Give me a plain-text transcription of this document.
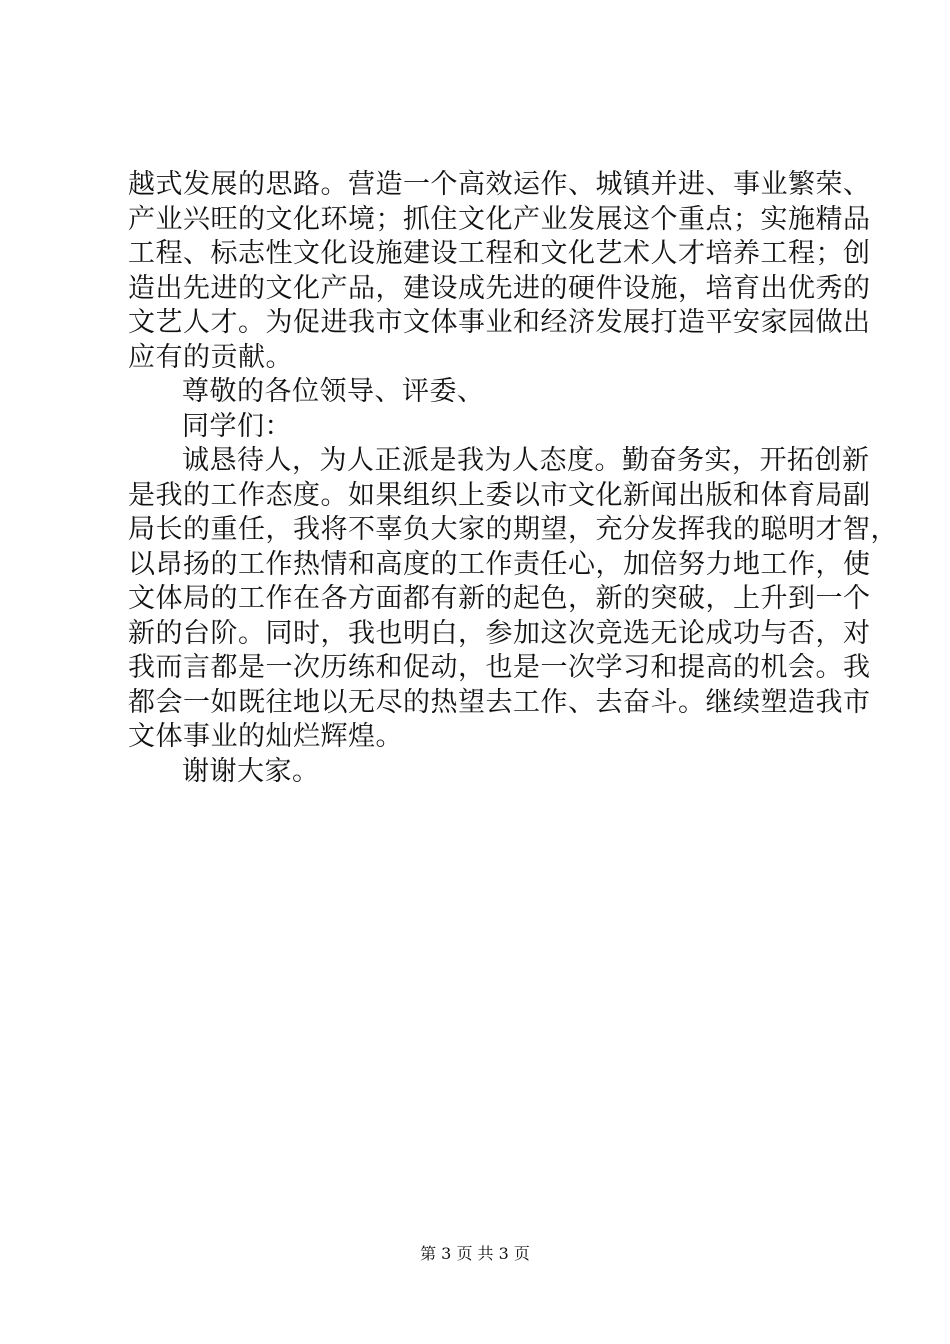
越式发展的思路。营造一个高效运作、城镇并进、事业繁荣、
产业兴旺的文化环境；抓住文化产业发展这个重点；实施精品
工程、标志性文化设施建设工程和文化艺术人才培养工程；创
造出先进的文化产品，建设成先进的硬件设施，培育出优秀的
文艺人才。为促进我市文体事业和经济发展打造平安家园做出
应有的贡献。
尊敬的各位领导、评委、
同学们：
诚恳待人，为人正派是我为人态度。勤奋务实，开拓创新
是我的工作态度。如果组织上委以市文化新闻出版和体育局副
局长的重任，我将不辜负大家的期望，充分发挥我的聪明才智，
以昂扬的工作热情和高度的工作责任心，加倍努力地工作，使
文体局的工作在各方面都有新的起色，新的突破，上升到一个
新的台阶。同时，我也明白，参加这次竞选无论成功与否，对
我而言都是一次历练和促动，也是一次学习和提高的机会。我
都会一如既往地以无尽的热望去工作、去奋斗。继续塑造我市
文体事业的灿烂辉煌。
谢谢大家。
第 3 页 共 3 页
